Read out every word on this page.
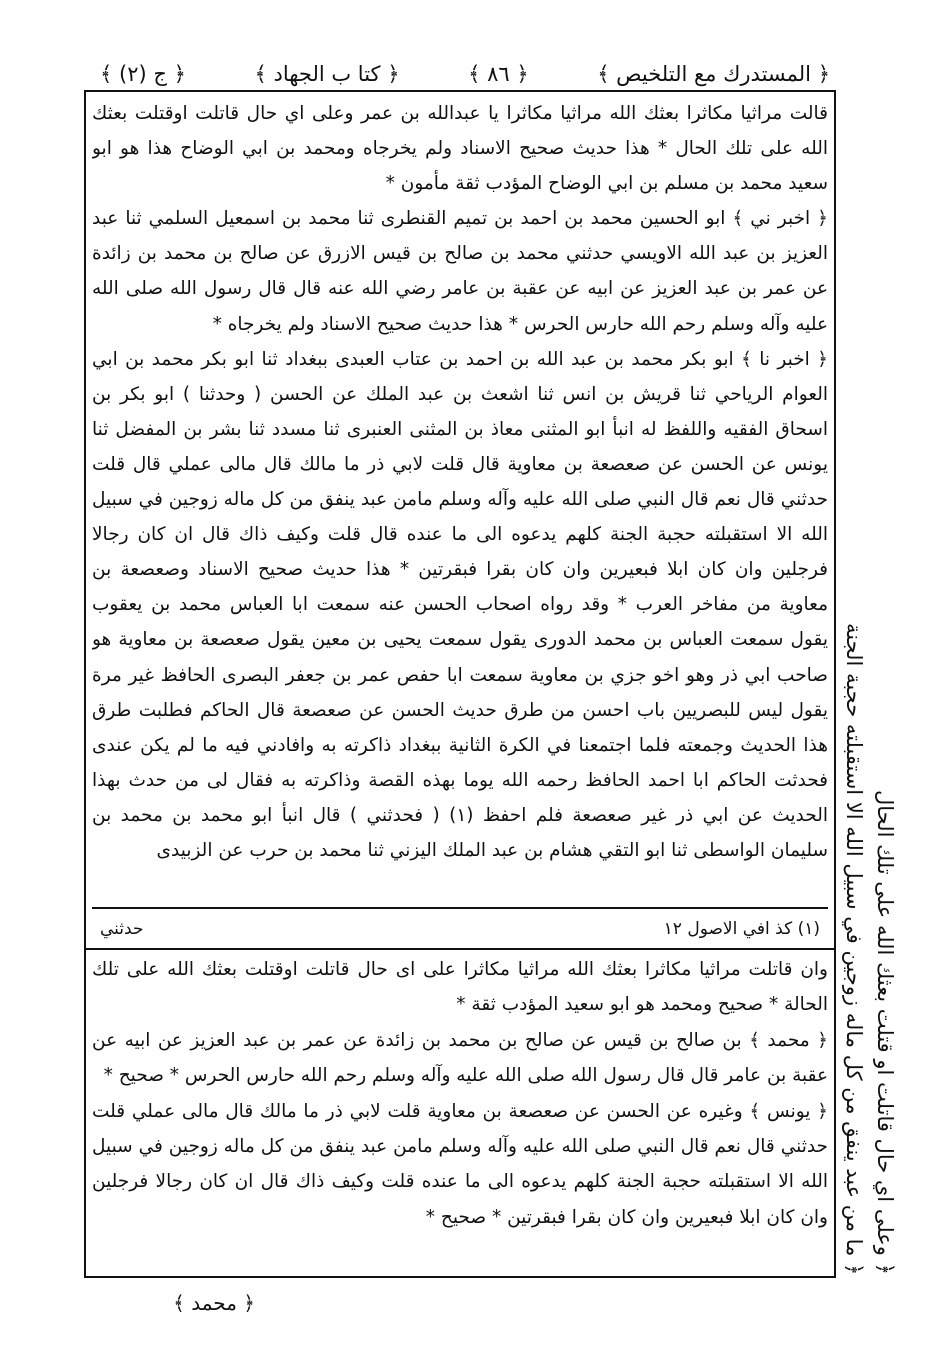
﴿ المستدرك مع التلخيص ﴾
﴿ ٨٦ ﴾
﴿ كتا ب الجهاد ﴾
﴿ ج (٢) ﴾

قالت مراثيا مكاثرا بعثك الله مراثيا مكاثرا يا عبدالله بن عمر وعلى اي حال قاتلت اوقتلت بعثك الله على تلك الحال * هذا حديث صحيح الاسناد ولم يخرجاه ومحمد بن ابي الوضاح هذا هو ابو سعيد محمد بن مسلم بن ابي الوضاح المؤدب ثقة مأمون *

﴿ اخبر ني ﴾ ابو الحسين محمد بن احمد بن تميم القنطرى ثنا محمد بن اسمعيل السلمي ثنا عبد العزيز بن عبد الله الاويسي حدثني محمد بن صالح بن قيس الازرق عن صالح بن محمد بن زائدة عن عمر بن عبد العزيز عن ابيه عن عقبة بن عامر رضي الله عنه قال قال رسول الله صلى الله عليه وآله وسلم رحم الله حارس الحرس * هذا حديث صحيح الاسناد ولم يخرجاه *

﴿ اخبر نا ﴾ ابو بكر محمد بن عبد الله بن احمد بن عتاب العبدى ببغداد ثنا ابو بكر محمد بن ابي العوام الرياحي ثنا قريش بن انس ثنا اشعث بن عبد الملك عن الحسن ( وحدثنا ) ابو بكر بن اسحاق الفقيه واللفظ له انبأ ابو المثنى معاذ بن المثنى العنبرى ثنا مسدد ثنا بشر بن المفضل ثنا يونس عن الحسن عن صعصعة بن معاوية قال قلت لابي ذر ما مالك قال مالى عملي قال قلت حدثني قال نعم قال النبي صلى الله عليه وآله وسلم مامن عبد ينفق من كل ماله زوجين في سبيل الله الا استقبلته حجبة الجنة كلهم يدعوه الى ما عنده قال قلت وكيف ذاك قال ان كان رجالا فرجلين وان كان ابلا فبعيرين وان كان بقرا فبقرتين * هذا حديث صحيح الاسناد وصعصعة بن معاوية من مفاخر العرب * وقد رواه اصحاب الحسن عنه سمعت ابا العباس محمد بن يعقوب يقول سمعت العباس بن محمد الدورى يقول سمعت يحيى بن معين يقول صعصعة بن معاوية هو صاحب ابي ذر وهو اخو جزي بن معاوية سمعت ابا حفص عمر بن جعفر البصرى الحافظ غير مرة يقول ليس للبصريين باب احسن من طرق حديث الحسن عن صعصعة قال الحاكم فطلبت طرق هذا الحديث وجمعته فلما اجتمعنا في الكرة الثانية ببغداد ذاكرته به وافادني فيه ما لم يكن عندى فحدثت الحاكم ابا احمد الحافظ رحمه الله يوما بهذه القصة وذاكرته به فقال لى من حدث بهذا الحديث عن ابي ذر غير صعصعة فلم احفظ (١) ( فحدثني ) قال انبأ ابو محمد بن محمد بن سليمان الواسطى ثنا ابو التقي هشام بن عبد الملك اليزني ثنا محمد بن حرب عن الزبيدى

(١) كذ افي الاصول ١٢
حدثني

وان قاتلت مراثيا مكاثرا بعثك الله مراثيا مكاثرا على اى حال قاتلت اوقتلت بعثك الله على تلك الحالة * صحيح ومحمد هو ابو سعيد المؤدب ثقة *

﴿ محمد ﴾ بن صالح بن قيس عن صالح بن محمد بن زائدة عن عمر بن عبد العزيز عن ابيه عن عقبة بن عامر قال قال رسول الله صلى الله عليه وآله وسلم رحم الله حارس الحرس * صحيح *

﴿ يونس ﴾ وغيره عن الحسن عن صعصعة بن معاوية قلت لابي ذر ما مالك قال مالى عملي قلت حدثني قال نعم قال النبي صلى الله عليه وآله وسلم مامن عبد ينفق من كل ماله زوجين في سبيل الله الا استقبلته حجبة الجنة كلهم يدعوه الى ما عنده قلت وكيف ذاك قال ان كان رجالا فرجلين وان كان ابلا فبعيرين وان كان بقرا فبقرتين * صحيح *	﴿ وعلى اي حال قاتلت او قتلت بعثك الله على تلك الحال
﴿ ما من عبد ينفق من كل ماله زوجين في سبيل الله الا استقبلته حجبة الجنة
﴿ محمد ﴾
